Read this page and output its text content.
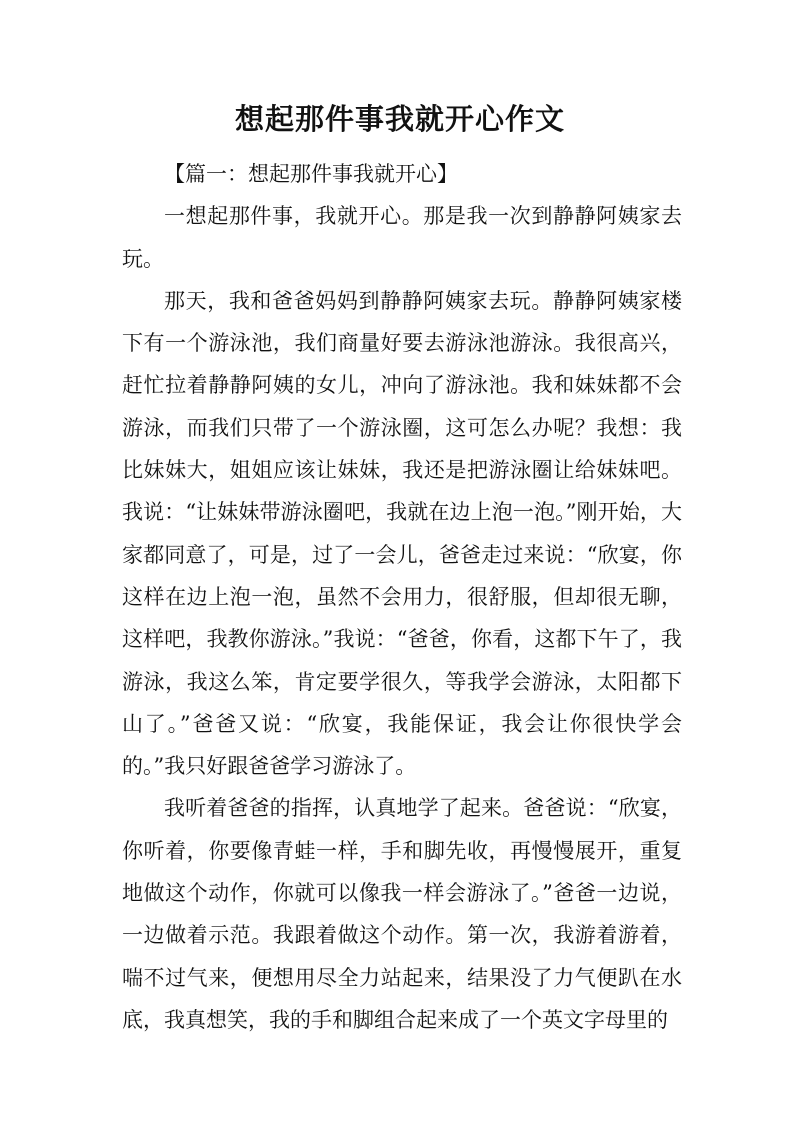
想起那件事我就开心作文

【篇一：想起那件事我就开心】

一想起那件事，我就开心。那是我一次到静静阿姨家去玩。

那天，我和爸爸妈妈到静静阿姨家去玩。静静阿姨家楼下有一个游泳池，我们商量好要去游泳池游泳。我很高兴，赶忙拉着静静阿姨的女儿，冲向了游泳池。我和妹妹都不会游泳，而我们只带了一个游泳圈，这可怎么办呢？我想：我比妹妹大，姐姐应该让妹妹，我还是把游泳圈让给妹妹吧。我说：“让妹妹带游泳圈吧，我就在边上泡一泡。”刚开始，大家都同意了，可是，过了一会儿，爸爸走过来说：“欣宴，你这样在边上泡一泡，虽然不会用力，很舒服，但却很无聊，这样吧，我教你游泳。”我说：“爸爸，你看，这都下午了，我游泳，我这么笨，肯定要学很久，等我学会游泳，太阳都下山了。”爸爸又说：“欣宴，我能保证，我会让你很快学会的。”我只好跟爸爸学习游泳了。

我听着爸爸的指挥，认真地学了起来。爸爸说：“欣宴，你听着，你要像青蛙一样，手和脚先收，再慢慢展开，重复地做这个动作，你就可以像我一样会游泳了。”爸爸一边说，一边做着示范。我跟着做这个动作。第一次，我游着游着，喘不过气来，便想用尽全力站起来，结果没了力气便趴在水底，我真想笑，我的手和脚组合起来成了一个英文字母里的
